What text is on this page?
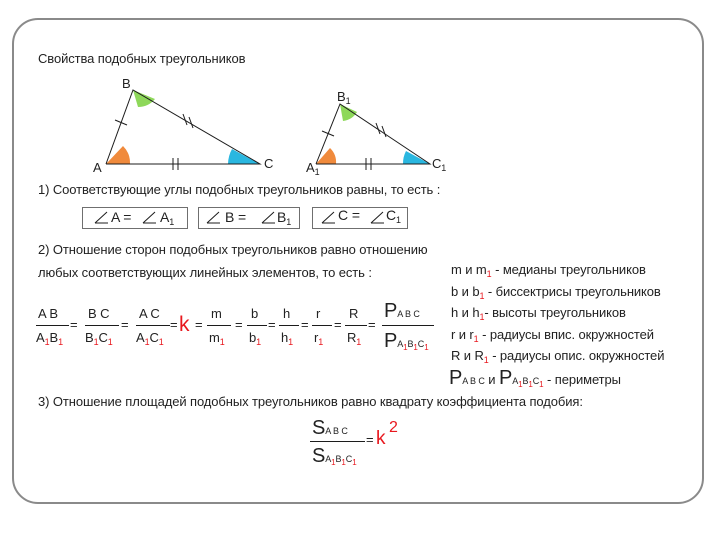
Свойства подобных треугольников
B
A	C
$B_1$
$A_1$
$C_1$
1) Соответствующие углы подобных треугольников равны, то есть :
$A = A_1$	$B = B_1$	$C = C_1$
2) Отношение сторон подобных треугольников равно отношению
любых соответствующих линейных элементов, то есть :
A B
$A_1B_1$
=
B C
$B_1C_1$
=
A C
$A_1C_1$
= k =
m
$m_1$
=
b
$b_1$
=
h
$h_1$
=
r
$r_1$
=
R
$R_1$
=
PA B C
$PA_1B_1C_1$
m и $m_1$ - медианы треугольников
b и $b_1$ - биссектрисы треугольников
h и $h_1-$ высоты треугольников
r и $r_1$ - радиусы впис. окружностей
R и $R_1$ - радиусы опис. окружностей
PA B C и $PA_1B_1C_1$ - периметры
3) Отношение площадей подобных треугольников равно квадрату коэффициента подобия:
SA B C
$SA_1B_1C_1$
= k
2
